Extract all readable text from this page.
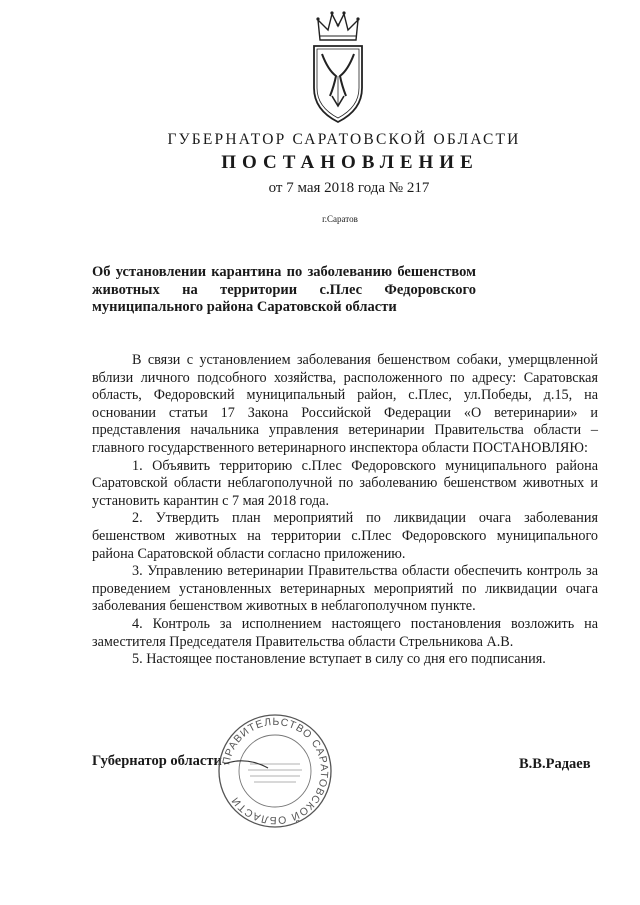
ГУБЕРНАТОР САРАТОВСКОЙ ОБЛАСТИ
ПОСТАНОВЛЕНИЕ
от 7 мая 2018 года № 217
г.Саратов
Об установлении карантина по заболеванию бешенством животных на территории с.Плес Федоровского муниципального района Саратовской области

В связи с установлением заболевания бешенством собаки, умерщвленной вблизи личного подсобного хозяйства, расположенного по адресу: Саратовская область, Федоровский муниципальный район, с.Плес, ул.Победы, д.15, на основании статьи 17 Закона Российской Федерации «О ветеринарии» и представления начальника управления ветеринарии Правительства области – главного государственного ветеринарного инспектора области ПОСТАНОВЛЯЮ:

1. Объявить территорию с.Плес Федоровского муниципального района Саратовской области неблагополучной по заболеванию бешенством животных и установить карантин с 7 мая 2018 года.

2. Утвердить план мероприятий по ликвидации очага заболевания бешенством животных на территории с.Плес Федоровского муниципального района Саратовской области согласно приложению.

3. Управлению ветеринарии Правительства области обеспечить контроль за проведением установленных ветеринарных мероприятий по ликвидации очага заболевания бешенством животных в неблагополучном пункте.

4. Контроль за исполнением настоящего постановления возложить на заместителя Председателя Правительства области Стрельникова А.В.

5. Настоящее постановление вступает в силу со дня его подписания.

Губернатор области
ПРАВИТЕЛЬСТВО САРАТОВСКОЙ ОБЛАСТИ
В.В.Радаев
